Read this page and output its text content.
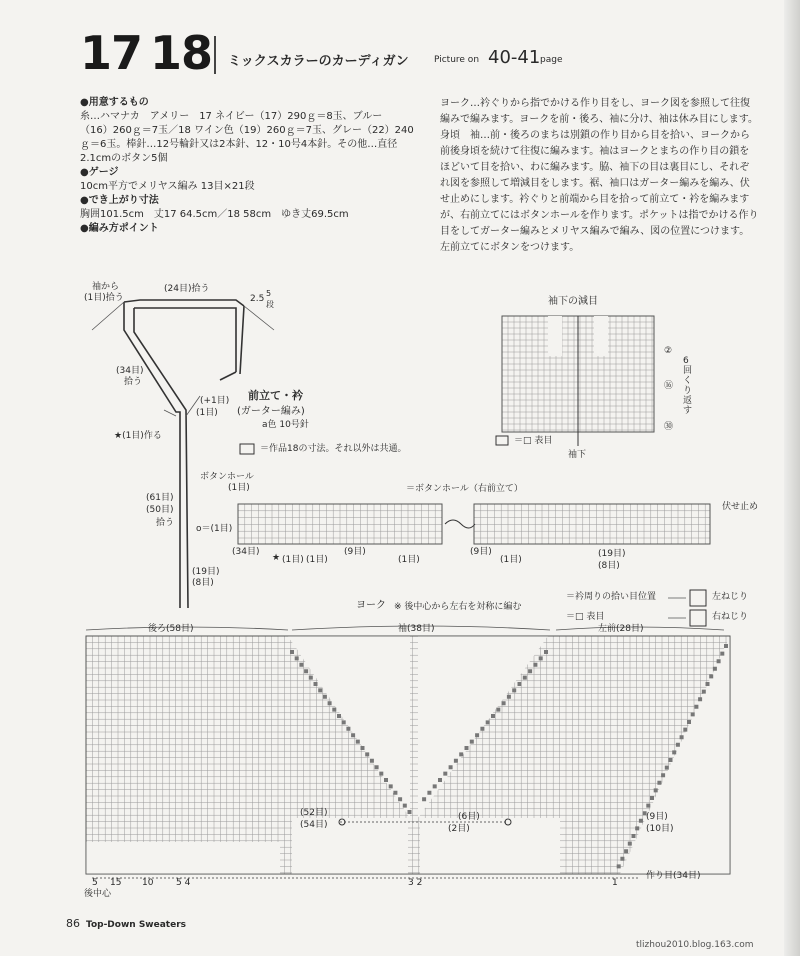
17 18 ミックスカラーのカーディガン	Picture on 40-41 page
●用意するもの
糸…ハマナカ　アメリー　17 ネイビー（17）290ｇ＝8玉、ブルー
（16）260ｇ＝7玉／18 ワイン色（19）260ｇ＝7玉、グレー（22）240
ｇ＝6玉。棒針…12号輪針又は2本針、12・10号4本針。その他…直径
2.1cmのボタン5個
●ゲージ
10cm平方でメリヤス編み 13目×21段
●でき上がり寸法
胸囲101.5cm　丈17 64.5cm／18 58cm　ゆき丈69.5cm
●編み方ポイント
ヨーク…衿ぐりから指でかける作り目をし、ヨーク図を参照して往復
編みで編みます。ヨークを前・後ろ、袖に分け、袖は休み目にします。
身頃　袖…前・後ろのまちは別鎖の作り目から目を拾い、ヨークから
前後身頃を続けて往復に編みます。袖はヨークとまちの作り目の鎖を
ほどいて目を拾い、わに編みます。脇、袖下の目は裏目にし、それぞ
れ図を参照して増減目をします。裾、袖口はガーター編みを編み、伏
せ止めにします。衿ぐりと前端から目を拾って前立て・衿を編みます
が、右前立てにはボタンホールを作ります。ポケットは指でかける作り
目をしてガーター編みとメリヤス編みで編み、図の位置につけます。
左前立てにボタンをつけます。
袖から
(1目)拾う
(24目)拾う
2.5
5段
(34目)
拾う
(+1目)
(1目)
前立て・衿
(ガーター編み)
a色 10号針
★(1目)作る
＝作品18の寸法。それ以外は共通。
ボタンホール
(1目)
(61目)
(50目)
拾う
o＝(1目)
(19目)
(8目)
袖下の減目
＝□ 表目
袖下
②
⑯
㉚
6回くり返す
＝ボタンホール（右前立て）
伏せ止め
(34目)
(1目) (1目)
(9目)
(1目)
(9目)
(1目)
(19目)
(8目)
★
ヨーク ※ 後中心から左右を対称に編む
＝衿周りの拾い目位置
＝□ 表目
左ねじり
右ねじり
後ろ(58目)	袖(38目)	左前(28目)
後中心
作り目(34目)
(52目)
(54目)
(6目)
(2目)
(9目)
(10目)
5 15 10	5 4	3 2	1
86 Top-Down Sweaters
tlizhou2010.blog.163.com
